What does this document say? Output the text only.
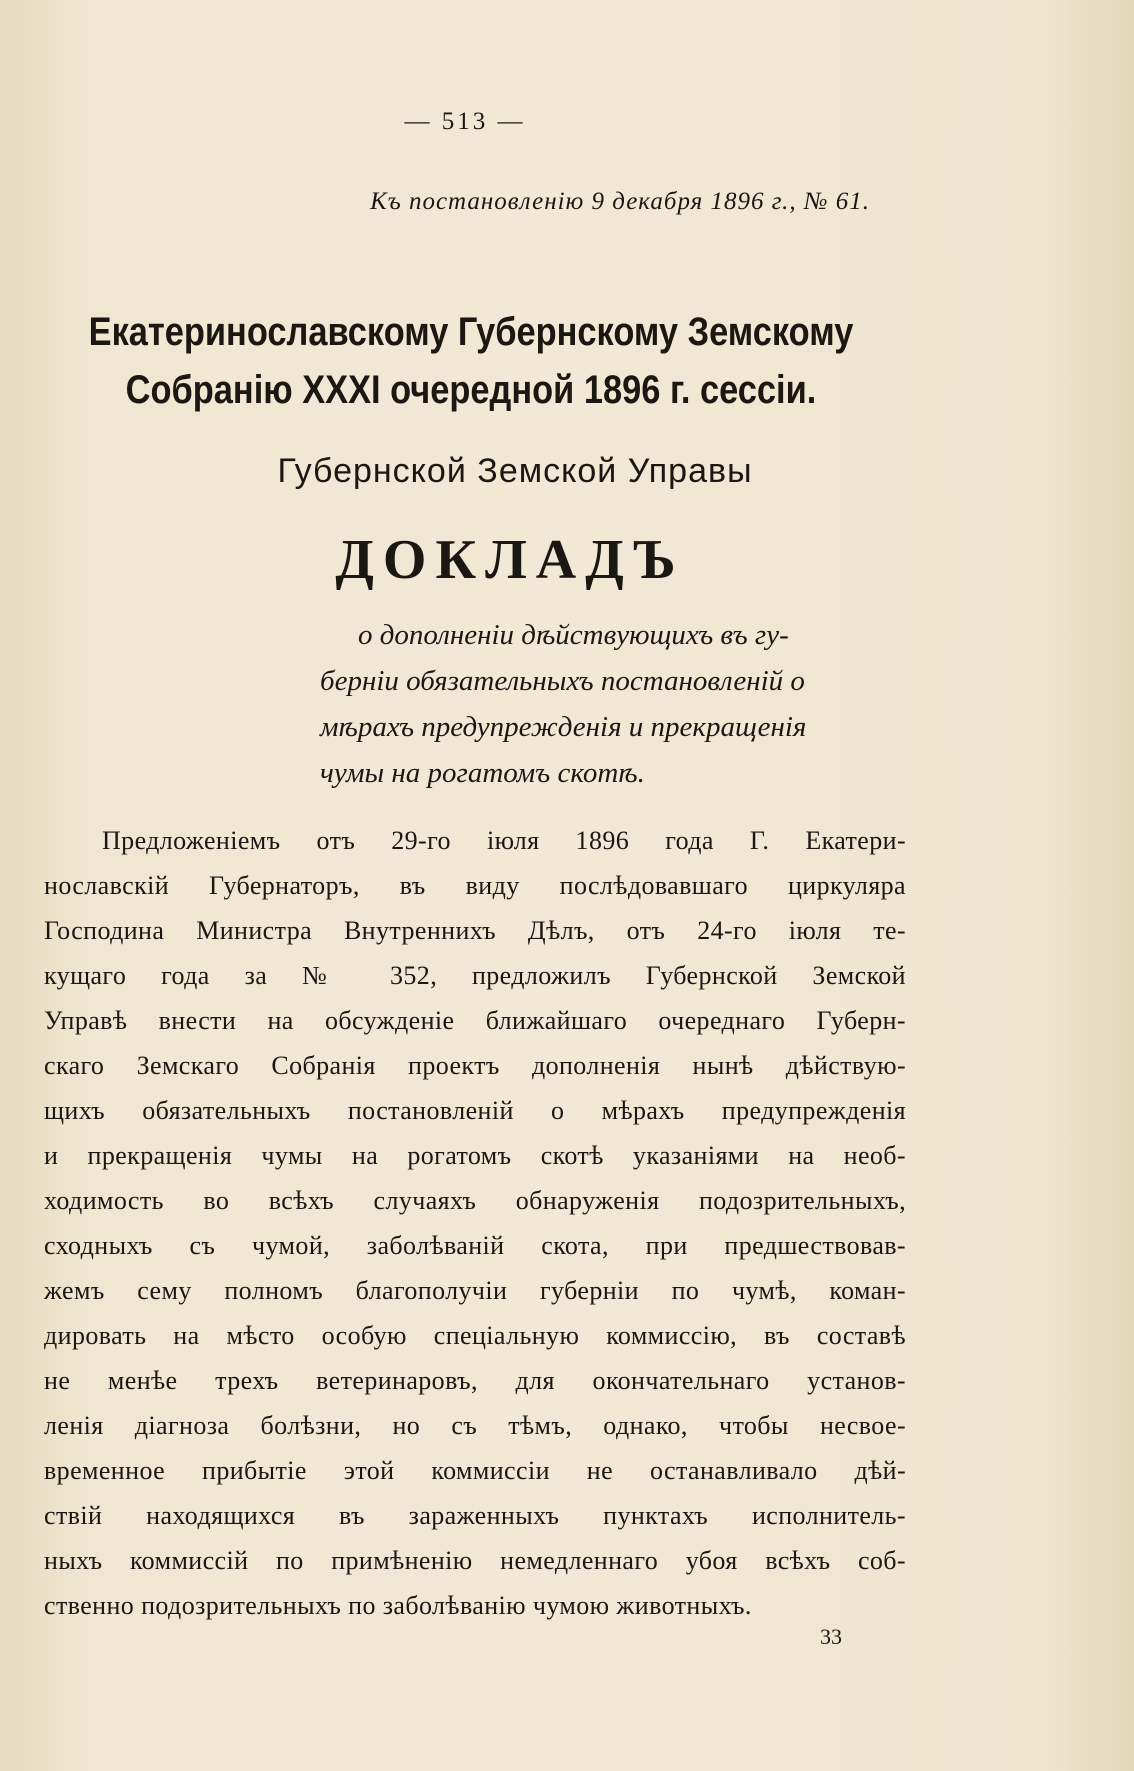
— 513 —
Къ постановленію 9 декабря 1896 г., № 61.
Екатеринославскому Губернскому Земскому
Собранію XXXI очередной 1896 г. сессіи.
Губернской Земской Управы
ДОКЛАДЪ
о дополненіи дѣйствующихъ въ гу-
берніи обязательныхъ постановленій о
мѣрахъ предупрежденія и прекращенія
чумы на рогатомъ скотѣ.
Предложеніемъ отъ 29-го іюля 1896 года Г. Екатери-
нославскій Губернаторъ, въ виду послѣдовавшаго циркуляра
Господина Министра Внутреннихъ Дѣлъ, отъ 24-го іюля те-
кущаго года за № 352, предложилъ Губернской Земской
Управѣ внести на обсужденіе ближайшаго очереднаго Губерн-
скаго Земскаго Собранія проектъ дополненія нынѣ дѣйствую-
щихъ обязательныхъ постановленій о мѣрахъ предупрежденія
и прекращенія чумы на рогатомъ скотѣ указаніями на необ-
ходимость во всѣхъ случаяхъ обнаруженія подозрительныхъ,
сходныхъ съ чумой, заболѣваній скота, при предшествовав-
жемъ сему полномъ благополучіи губерніи по чумѣ, коман-
дировать на мѣсто особую спеціальную коммиссію, въ составѣ
не менѣе трехъ ветеринаровъ, для окончательнаго установ-
ленія діагноза болѣзни, но съ тѣмъ, однако, чтобы несвое-
временное прибытіе этой коммиссіи не останавливало дѣй-
ствій находящихся въ зараженныхъ пунктахъ исполнитель-
ныхъ коммиссій по примѣненію немедленнаго убоя всѣхъ соб-
ственно подозрительныхъ по заболѣванію чумою животныхъ.
33
